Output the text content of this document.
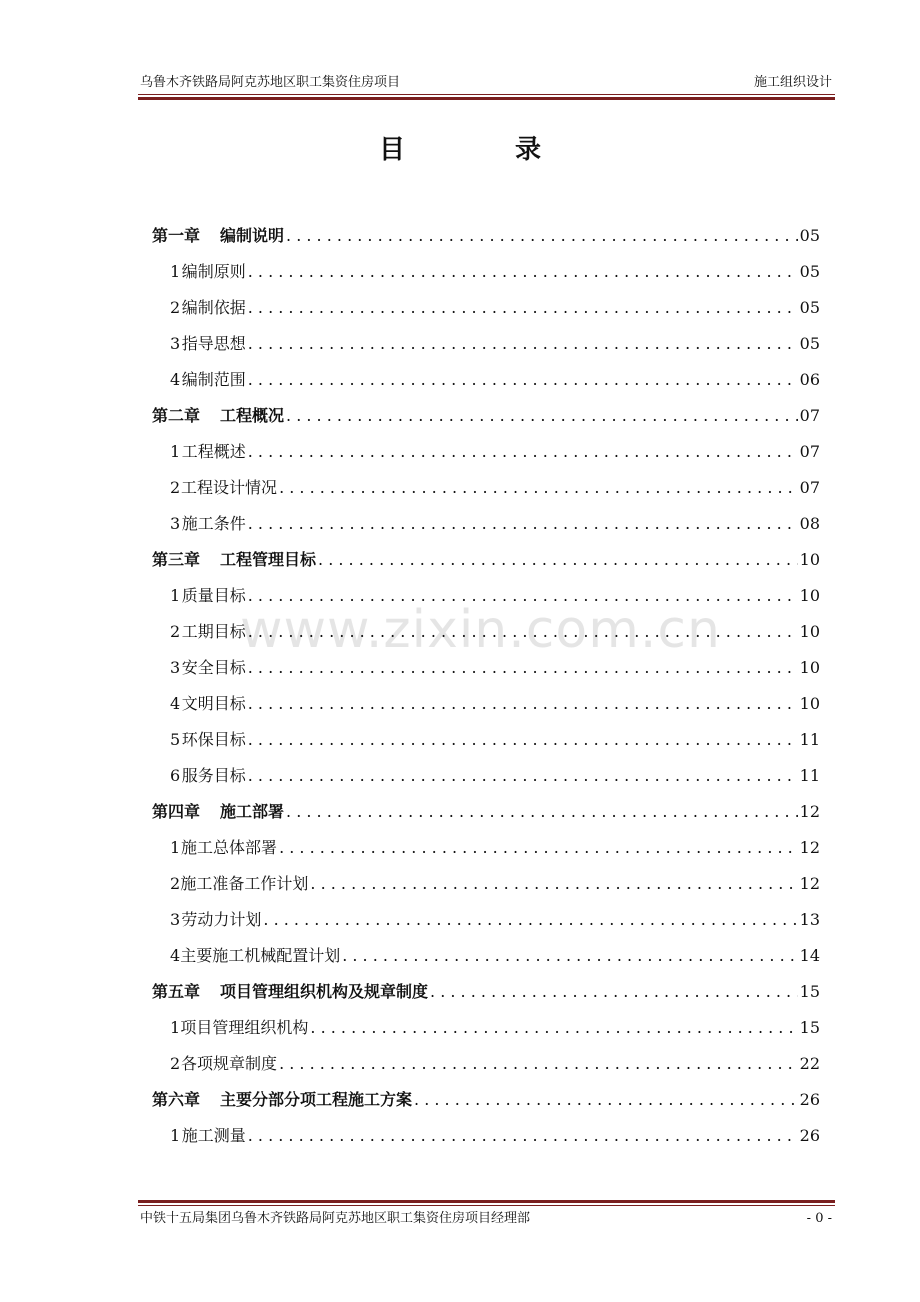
乌鲁木齐铁路局阿克苏地区职工集资住房项目	施工组织设计
目	录
www.zixin.com.cn
第一章	编制说明 . . .	05
1 编制原则 . . .	05
2 编制依据 . . .	05
3 指导思想 . . .	05
4 编制范围 . . .	06
第二章	工程概况 . . .	07
1 工程概述 . . .	07
2 工程设计情况 . . .	07
3 施工条件 . . .	08
第三章	工程管理目标 . . .	10
1 质量目标 . . .	10
2 工期目标 . . .	10
3 安全目标 . . .	10
4 文明目标 . . .	10
5 环保目标 . . .	11
6 服务目标 . . .	11
第四章	施工部署 . . .	12
1 施工总体部署 . . .	12
2 施工准备工作计划 . . .	12
3 劳动力计划 . . .	13
4 主要施工机械配置计划 . . .	14
第五章	项目管理组织机构及规章制度 . . .	15
1 项目管理组织机构 . . .	15
2 各项规章制度 . . .	22
第六章	主要分部分项工程施工方案 . . .	26
1 施工测量 . . .	26
中铁十五局集团乌鲁木齐铁路局阿克苏地区职工集资住房项目经理部	- 0 -
